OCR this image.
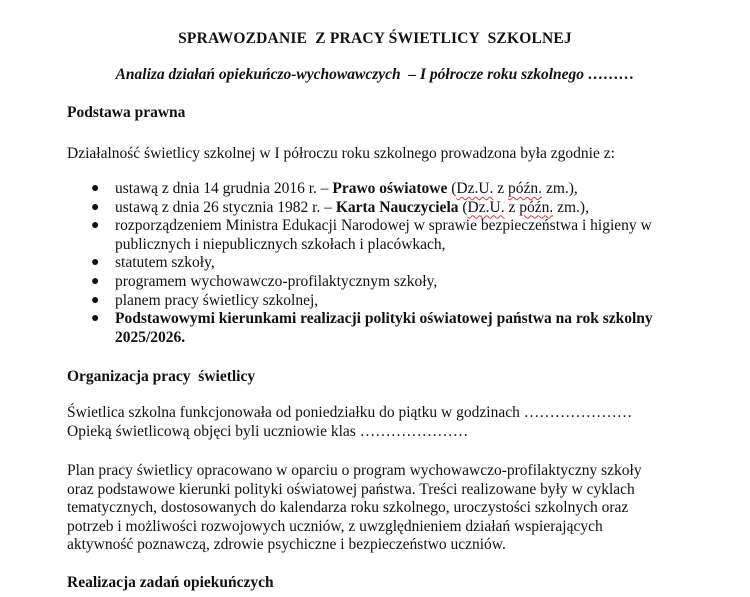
SPRAWOZDANIE  Z PRACY ŚWIETLICY  SZKOLNEJ
Analiza działań opiekuńczo-wychowawczych  – I półrocze roku szkolnego ………
Podstawa prawna
Działalność świetlicy szkolnej w I półroczu roku szkolnego prowadzona była zgodnie z:
● ustawą z dnia 14 grudnia 2016 r. – Prawo oświatowe (Dz.U. z późn. zm.),
● ustawą z dnia 26 stycznia 1982 r. – Karta Nauczyciela (Dz.U. z późn. zm.),
● rozporządzeniem Ministra Edukacji Narodowej w sprawie bezpieczeństwa i higieny w
publicznych i niepublicznych szkołach i placówkach,
● statutem szkoły,
● programem wychowawczo-profilaktycznym szkoły,
● planem pracy świetlicy szkolnej,
● Podstawowymi kierunkami realizacji polityki oświatowej państwa na rok szkolny
2025/2026.
Organizacja pracy  świetlicy
Świetlica szkolna funkcjonowała od poniedziałku do piątku w godzinach …………………
Opieką świetlicową objęci byli uczniowie klas …………………
Plan pracy świetlicy opracowano w oparciu o program wychowawczo-profilaktyczny szkoły
oraz podstawowe kierunki polityki oświatowej państwa. Treści realizowane były w cyklach
tematycznych, dostosowanych do kalendarza roku szkolnego, uroczystości szkolnych oraz
potrzeb i możliwości rozwojowych uczniów, z uwzględnieniem działań wspierających
aktywność poznawczą, zdrowie psychiczne i bezpieczeństwo uczniów.
Realizacja zadań opiekuńczych
